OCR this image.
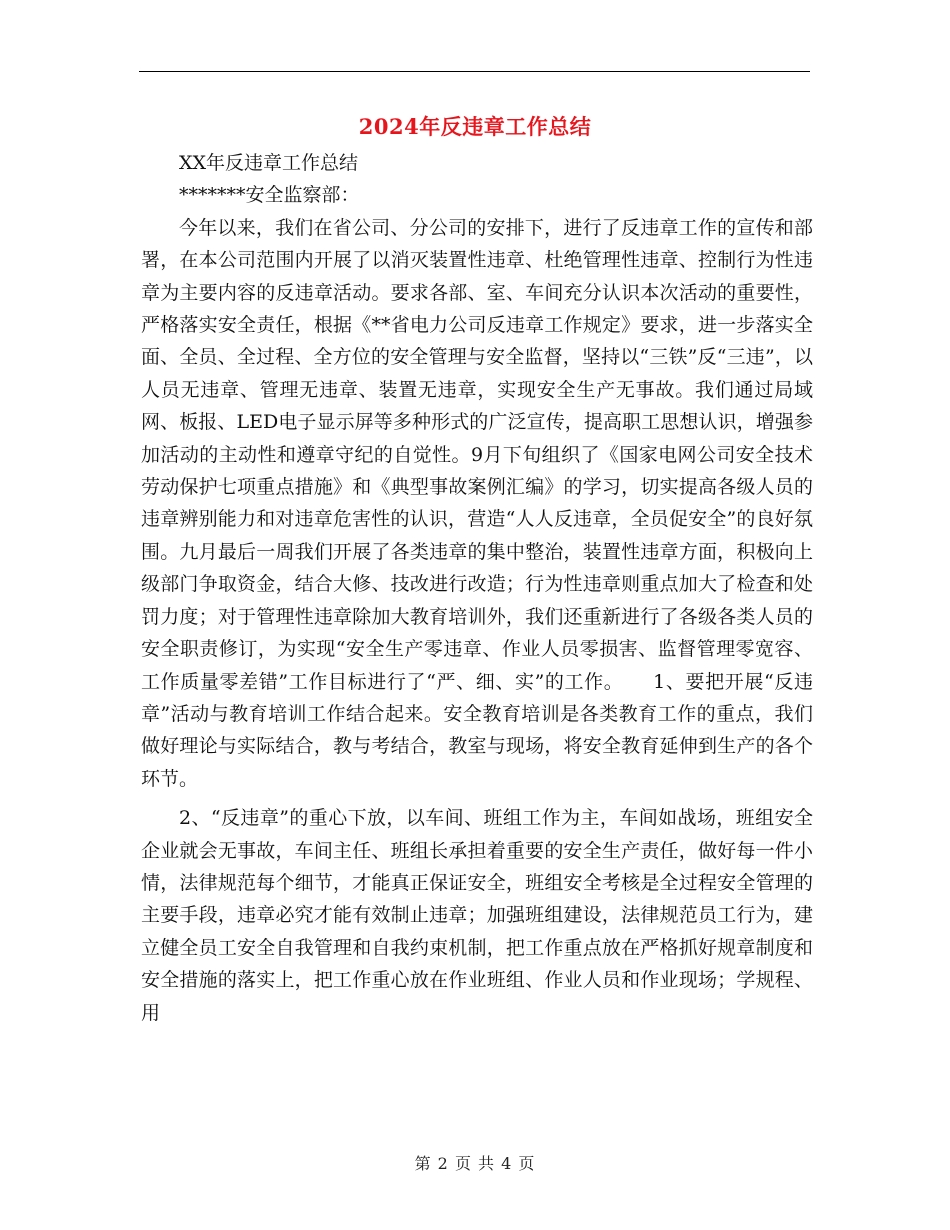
2024年反违章工作总结

XX年反违章工作总结

*******安全监察部：

今年以来，我们在省公司、分公司的安排下，进行了反违章工作的宣传和部署，在本公司范围内开展了以消灭装置性违章、杜绝管理性违章、控制行为性违章为主要内容的反违章活动。要求各部、室、车间充分认识本次活动的重要性，严格落实安全责任，根据《**省电力公司反违章工作规定》要求，进一步落实全面、全员、全过程、全方位的安全管理与安全监督，坚持以“三铁”反“三违”，以人员无违章、管理无违章、装置无违章，实现安全生产无事故。我们通过局域网、板报、LED电子显示屏等多种形式的广泛宣传，提高职工思想认识，增强参加活动的主动性和遵章守纪的自觉性。9月下旬组织了《国家电网公司安全技术劳动保护七项重点措施》和《典型事故案例汇编》的学习，切实提高各级人员的违章辨别能力和对违章危害性的认识，营造“人人反违章，全员促安全”的良好氛围。九月最后一周我们开展了各类违章的集中整治，装置性违章方面，积极向上级部门争取资金，结合大修、技改进行改造；行为性违章则重点加大了检查和处罚力度；对于管理性违章除加大教育培训外，我们还重新进行了各级各类人员的安全职责修订，为实现“安全生产零违章、作业人员零损害、监督管理零宽容、工作质量零差错”工作目标进行了“严、细、实”的工作。　　1、要把开展“反违章”活动与教育培训工作结合起来。安全教育培训是各类教育工作的重点，我们做好理论与实际结合，教与考结合，教室与现场，将安全教育延伸到生产的各个环节。

2、“反违章”的重心下放，以车间、班组工作为主，车间如战场，班组安全企业就会无事故，车间主任、班组长承担着重要的安全生产责任，做好每一件小情，法律规范每个细节，才能真正保证安全，班组安全考核是全过程安全管理的主要手段，违章必究才能有效制止违章；加强班组建设，法律规范员工行为，建立健全员工安全自我管理和自我约束机制，把工作重点放在严格抓好规章制度和安全措施的落实上，把工作重心放在作业班组、作业人员和作业现场；学规程、用

第 2 页 共 4 页
